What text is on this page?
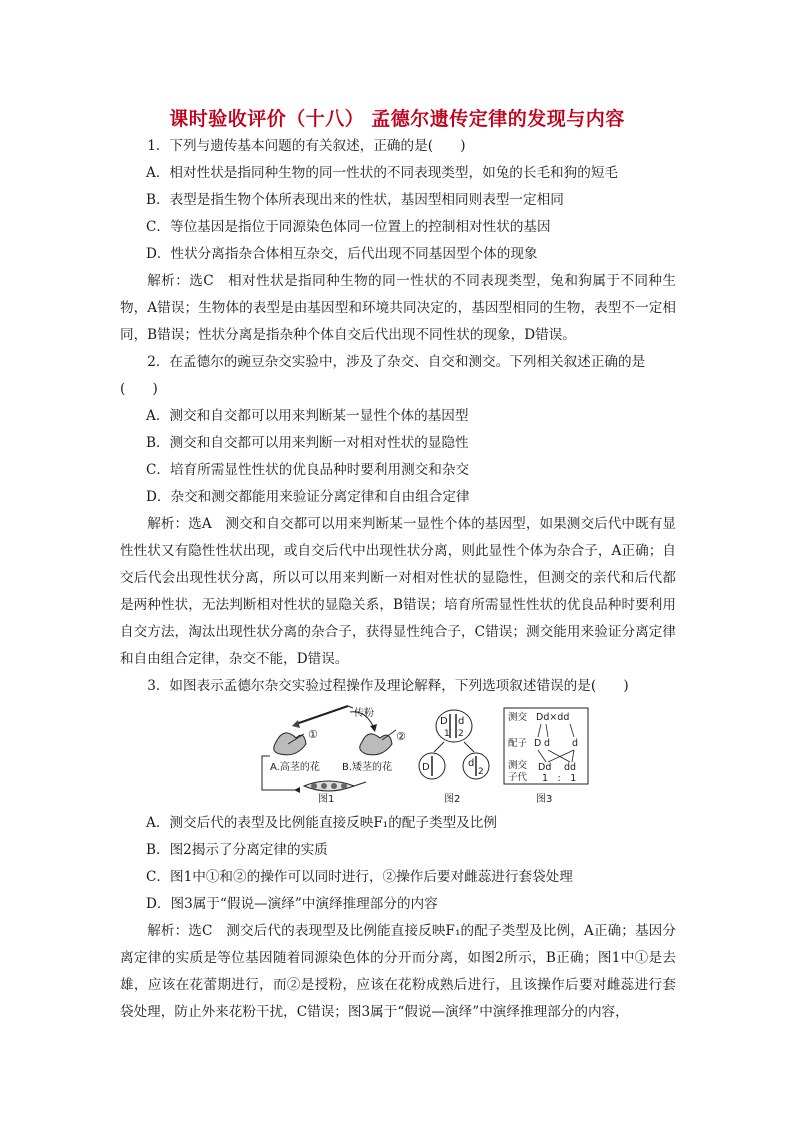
课时验收评价（十八） 孟德尔遗传定律的发现与内容

1．下列与遗传基本问题的有关叙述，正确的是(　　)

A．相对性状是指同种生物的同一性状的不同表现类型，如兔的长毛和狗的短毛

B．表型是指生物个体所表现出来的性状，基因型相同则表型一定相同

C．等位基因是指位于同源染色体同一位置上的控制相对性状的基因

D．性状分离指杂合体相互杂交，后代出现不同基因型个体的现象

解析：选C　相对性状是指同种生物的同一性状的不同表现类型，兔和狗属于不同种生物，A错误；生物体的表型是由基因型和环境共同决定的，基因型相同的生物，表型不一定相同，B错误；性状分离是指杂种个体自交后代出现不同性状的现象，D错误。

2．在孟德尔的豌豆杂交实验中，涉及了杂交、自交和测交。下列相关叙述正确的是(　　)

A．测交和自交都可以用来判断某一显性个体的基因型

B．测交和自交都可以用来判断一对相对性状的显隐性

C．培育所需显性性状的优良品种时要利用测交和杂交

D．杂交和测交都能用来验证分离定律和自由组合定律

解析：选A　测交和自交都可以用来判断某一显性个体的基因型，如果测交后代中既有显性性状又有隐性性状出现，或自交后代中出现性状分离，则此显性个体为杂合子，A正确；自交后代会出现性状分离，所以可以用来判断一对相对性状的显隐性，但测交的亲代和后代都是两种性状，无法判断相对性状的显隐关系，B错误；培育所需显性性状的优良品种时要利用自交方法，淘汰出现性状分离的杂合子，获得显性纯合子，C错误；测交能用来验证分离定律和自由组合定律，杂交不能，D错误。

3．如图表示孟德尔杂交实验过程操作及理论解释，下列选项叙述错误的是(　　)

传粉
①	②
A.高茎的花 B.矮茎的花
图1
D d
2
1
D	d
2
图2
测交 Dd×dd
配子 D d d
测交
子代
Dd dd
1　:　1
图3

A．测交后代的表型及比例能直接反映F₁的配子类型及比例

B．图2揭示了分离定律的实质

C．图1中①和②的操作可以同时进行，②操作后要对雌蕊进行套袋处理

D．图3属于“假说—演绎”中演绎推理部分的内容

解析：选C　测交后代的表现型及比例能直接反映F₁的配子类型及比例，A正确；基因分离定律的实质是等位基因随着同源染色体的分开而分离，如图2所示，B正确；图1中①是去雄，应该在花蕾期进行，而②是授粉，应该在花粉成熟后进行，且该操作后要对雌蕊进行套袋处理，防止外来花粉干扰，C错误；图3属于“假说—演绎”中演绎推理部分的内容，
